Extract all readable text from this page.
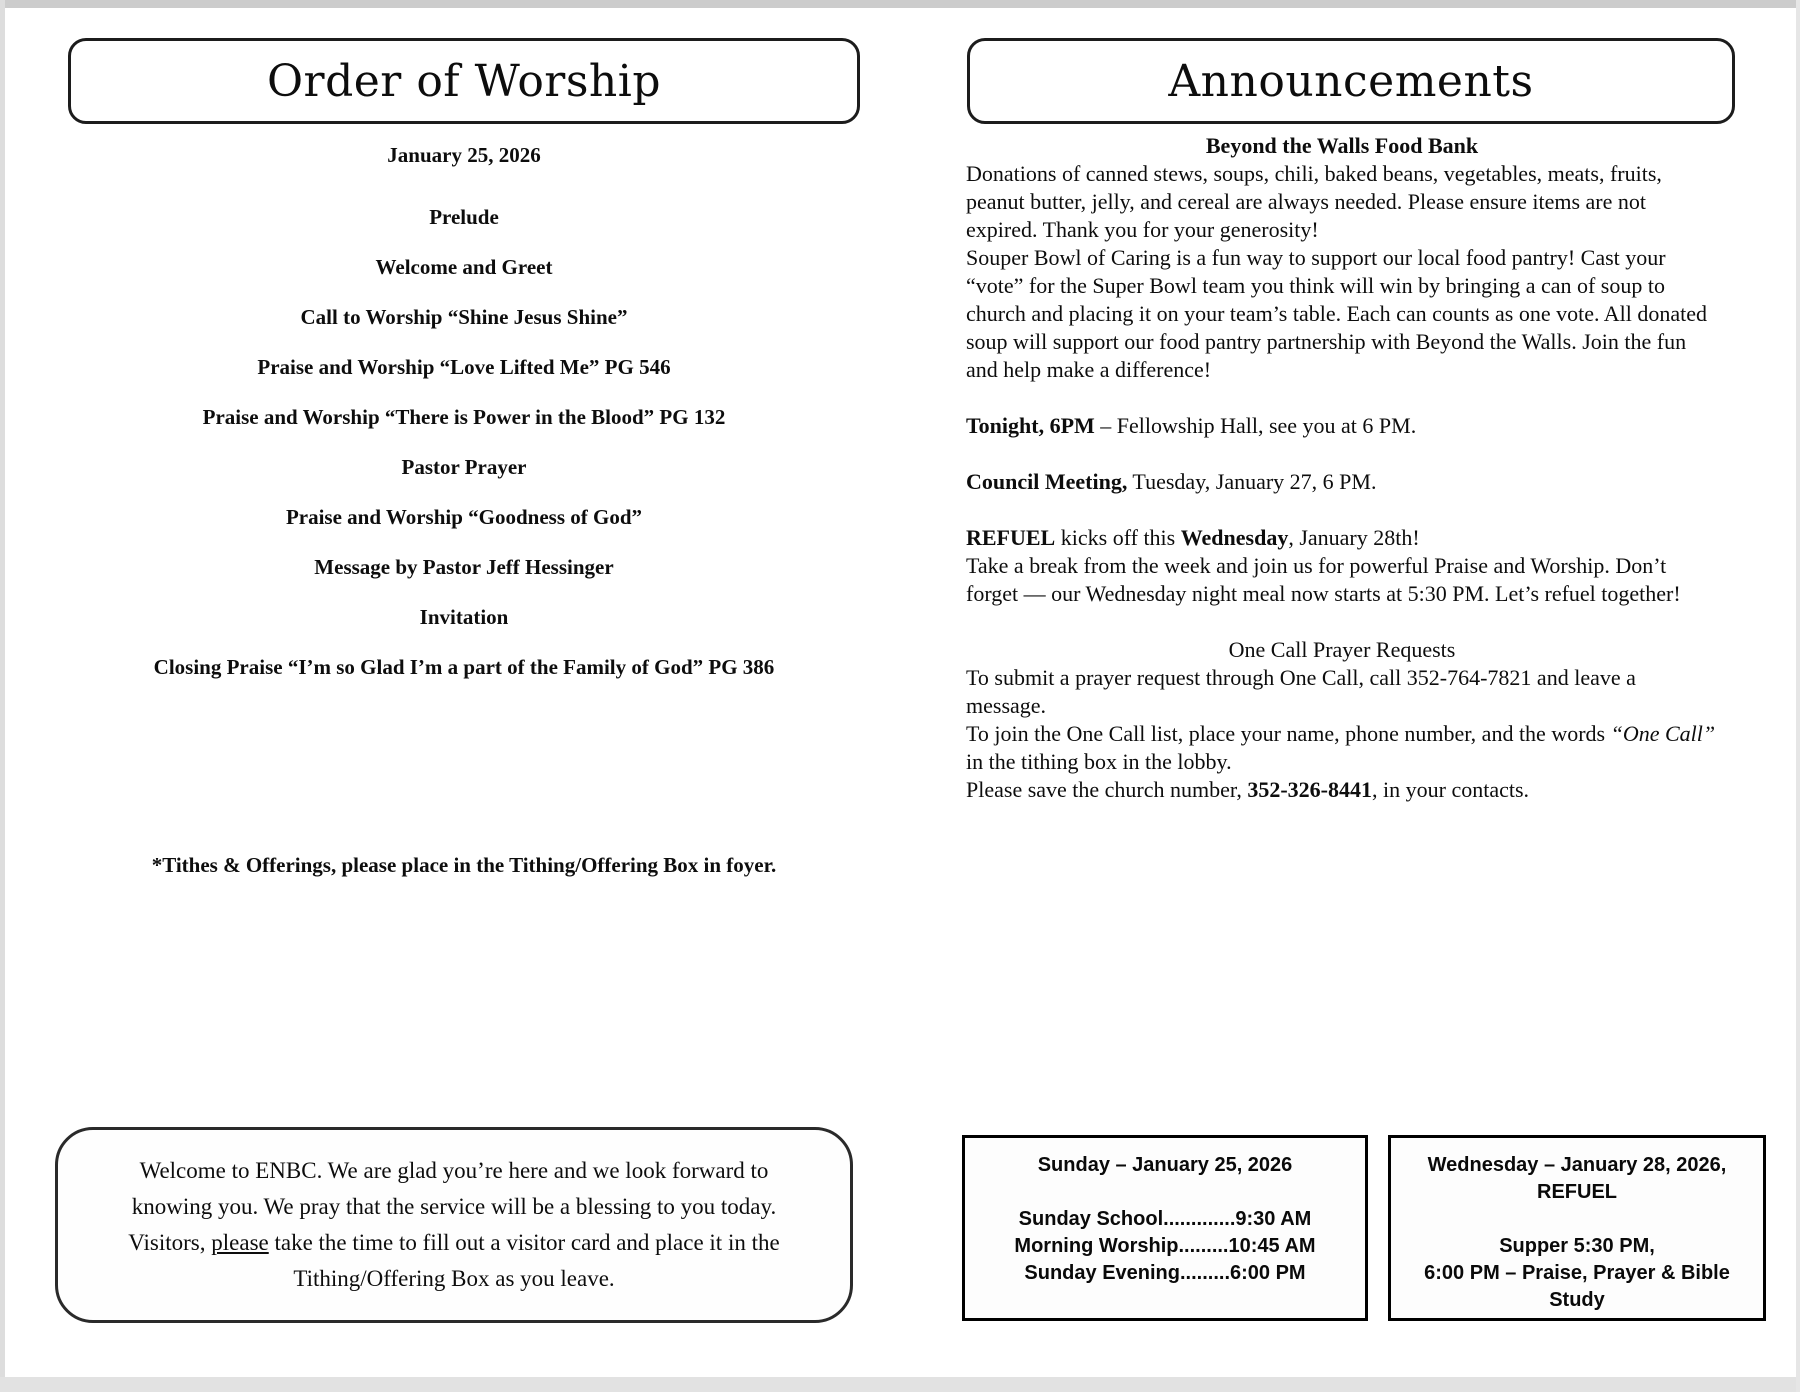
Order of Worship
January 25, 2026
Prelude
Welcome and Greet
Call to Worship “Shine Jesus Shine”
Praise and Worship “Love Lifted Me” PG 546
Praise and Worship “There is Power in the Blood” PG 132
Pastor Prayer
Praise and Worship “Goodness of God”
Message by Pastor Jeff Hessinger
Invitation
Closing Praise “I’m so Glad I’m a part of the Family of God” PG 386
*Tithes & Offerings, please place in the Tithing/Offering Box in foyer.
Welcome to ENBC. We are glad you’re here and we look forward to knowing you. We pray that the service will be a blessing to you today. Visitors, please take the time to fill out a visitor card and place it in the Tithing/Offering Box as you leave.
Announcements
Beyond the Walls Food Bank

Donations of canned stews, soups, chili, baked beans, vegetables, meats, fruits, peanut butter, jelly, and cereal are always needed. Please ensure items are not expired. Thank you for your generosity!

Souper Bowl of Caring is a fun way to support our local food pantry! Cast your “vote” for the Super Bowl team you think will win by bringing a can of soup to church and placing it on your team’s table. Each can counts as one vote. All donated soup will support our food pantry partnership with Beyond the Walls. Join the fun and help make a difference!

Tonight, 6PM – Fellowship Hall, see you at 6 PM.
Council Meeting, Tuesday, January 27, 6 PM.
REFUEL kicks off this Wednesday, January 28th!

Take a break from the week and join us for powerful Praise and Worship. Don’t forget — our Wednesday night meal now starts at 5:30 PM. Let’s refuel together!

One Call Prayer Requests

To submit a prayer request through One Call, call 352-764-7821 and leave a message.

To join the One Call list, place your name, phone number, and the words “One Call” in the tithing box in the lobby.

Please save the church number, 352-326-8441, in your contacts.

Sunday – January 25, 2026
Sunday School.............9:30 AM
Morning Worship.........10:45 AM
Sunday Evening.........6:00 PM
Wednesday – January 28, 2026, REFUEL
Supper 5:30 PM,
6:00 PM – Praise, Prayer & Bible Study
